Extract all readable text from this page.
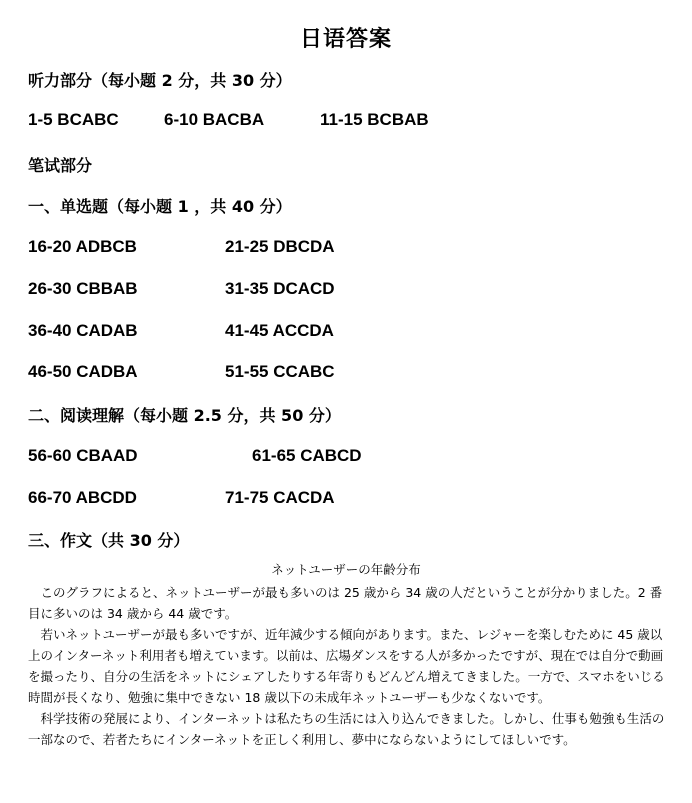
日语答案
听力部分（每小题 2 分，共 30 分）
1-5 BCABC	6-10 BACBA	11-15 BCBAB
笔试部分
一、单选题（每小题 1 ，共 40 分）
16-20 ADBCB	21-25 DBCDA
26-30 CBBAB	31-35 DCACD
36-40 CADAB	41-45 ACCDA
46-50 CADBA	51-55 CCABC
二、阅读理解（每小题 2.5 分，共 50 分）
56-60 CBAAD	61-65 CABCD
66-70 ABCDD	71-75 CACDA
三、作文（共 30 分）
ネットユーザーの年齢分布

このグラフによると、ネットユーザーが最も多いのは 25 歳から 34 歳の人だということが分かりました。2 番目に多いのは 34 歳から 44 歳です。

若いネットユーザーが最も多いですが、近年減少する傾向があります。また、レジャーを楽しむために 45 歳以上のインターネット利用者も増えています。以前は、広場ダンスをする人が多かったですが、現在では自分で動画を撮ったり、自分の生活をネットにシェアしたりする年寄りもどんどん増えてきました。一方で、スマホをいじる時間が長くなり、勉強に集中できない 18 歳以下の未成年ネットユーザーも少なくないです。

科学技術の発展により、インターネットは私たちの生活には入り込んできました。しかし、仕事も勉強も生活の一部なので、若者たちにインターネットを正しく利用し、夢中にならないようにしてほしいです。
